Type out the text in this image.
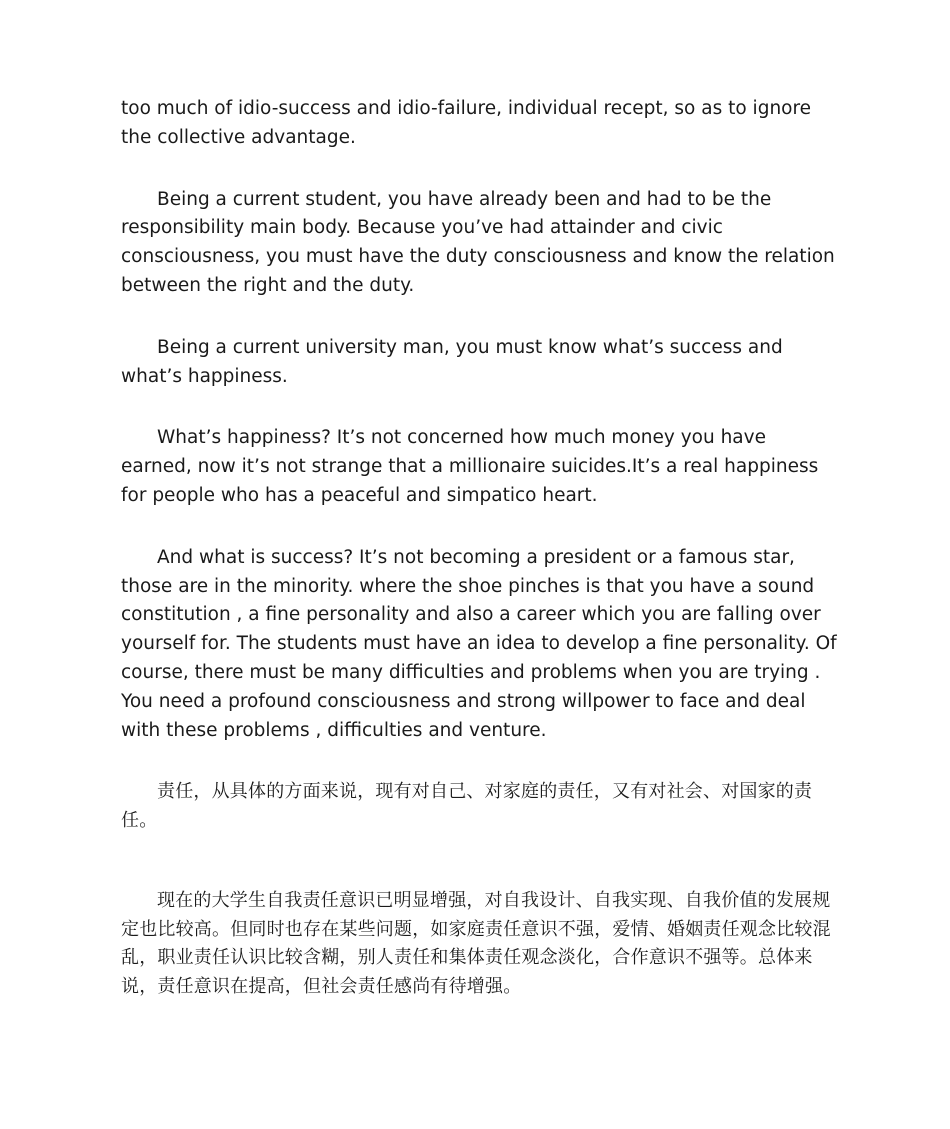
too much of idio-success and idio-failure, individual recept, so as to ignore the collective advantage.

Being a current student, you have already been and had to be the responsibility main body. Because you’ve had attainder and civic consciousness, you must have the duty consciousness and know the relation between the right and the duty.

Being a current university man, you must know what’s success and what’s happiness.

What’s happiness? It’s not concerned how much money you have earned, now it’s not strange that a millionaire suicides.It’s a real happiness for people who has a peaceful and simpatico heart.

And what is success? It’s not becoming a president or a famous star, those are in the minority. where the shoe pinches is that you have a sound constitution , a fine personality and also a career which you are falling over yourself for. The students must have an idea to develop a fine personality. Of course, there must be many difficulties and problems when you are trying . You need a profound consciousness and strong willpower to face and deal with these problems , difficulties and venture.

责任，从具体的方面来说，现有对自己、对家庭的责任，又有对社会、对国家的责任。

现在的大学生自我责任意识已明显增强，对自我设计、自我实现、自我价值的发展规定也比较高。但同时也存在某些问题，如家庭责任意识不强，爱情、婚姻责任观念比较混乱，职业责任认识比较含糊，别人责任和集体责任观念淡化，合作意识不强等。总体来说，责任意识在提高，但社会责任感尚有待增强。
